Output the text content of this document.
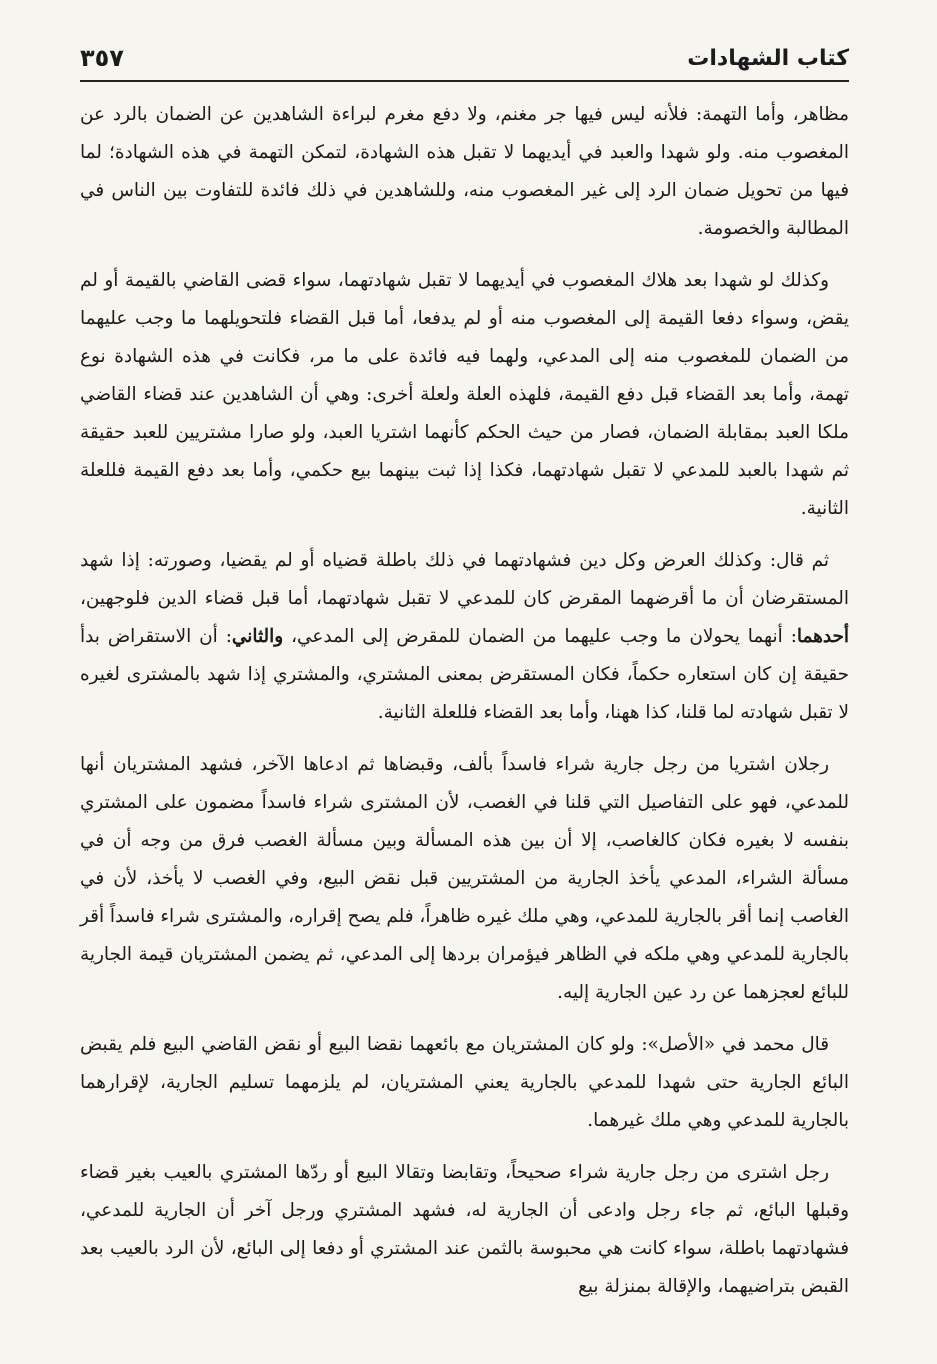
٣٥٧	كتاب الشهادات

مظاهر، وأما التهمة: فلأنه ليس فيها جر مغنم، ولا دفع مغرم لبراءة الشاهدين عن الضمان بالرد عن المغصوب منه. ولو شهدا والعبد في أيديهما لا تقبل هذه الشهادة، لتمكن التهمة في هذه الشهادة؛ لما فيها من تحويل ضمان الرد إلى غير المغصوب منه، وللشاهدين في ذلك فائدة للتفاوت بين الناس في المطالبة والخصومة.

وكذلك لو شهدا بعد هلاك المغصوب في أيديهما لا تقبل شهادتهما، سواء قضى القاضي بالقيمة أو لم يقض، وسواء دفعا القيمة إلى المغصوب منه أو لم يدفعا، أما قبل القضاء فلتحويلهما ما وجب عليهما من الضمان للمغصوب منه إلى المدعي، ولهما فيه فائدة على ما مر، فكانت في هذه الشهادة نوع تهمة، وأما بعد القضاء قبل دفع القيمة، فلهذه العلة ولعلة أخرى: وهي أن الشاهدين عند قضاء القاضي ملكا العبد بمقابلة الضمان، فصار من حيث الحكم كأنهما اشتريا العبد، ولو صارا مشتريين للعبد حقيقة ثم شهدا بالعبد للمدعي لا تقبل شهادتهما، فكذا إذا ثبت بينهما بيع حكمي، وأما بعد دفع القيمة فللعلة الثانية.

ثم قال: وكذلك العرض وكل دين فشهادتهما في ذلك باطلة قضياه أو لم يقضيا، وصورته: إذا شهد المستقرضان أن ما أقرضهما المقرض كان للمدعي لا تقبل شهادتهما، أما قبل قضاء الدين فلوجهين، أحدهما: أنهما يحولان ما وجب عليهما من الضمان للمقرض إلى المدعي، والثاني: أن الاستقراض بدأ حقيقة إن كان استعاره حكماً، فكان المستقرض بمعنى المشتري، والمشتري إذا شهد بالمشترى لغيره لا تقبل شهادته لما قلنا، كذا ههنا، وأما بعد القضاء فللعلة الثانية.

رجلان اشتريا من رجل جارية شراء فاسداً بألف، وقبضاها ثم ادعاها الآخر، فشهد المشتريان أنها للمدعي، فهو على التفاصيل التي قلنا في الغصب، لأن المشترى شراء فاسداً مضمون على المشتري بنفسه لا بغيره فكان كالغاصب، إلا أن بين هذه المسألة وبين مسألة الغصب فرق من وجه أن في مسألة الشراء، المدعي يأخذ الجارية من المشتريين قبل نقض البيع، وفي الغصب لا يأخذ، لأن في الغاصب إنما أقر بالجارية للمدعي، وهي ملك غيره ظاهراً، فلم يصح إقراره، والمشترى شراء فاسداً أقر بالجارية للمدعي وهي ملكه في الظاهر فيؤمران بردها إلى المدعي، ثم يضمن المشتريان قيمة الجارية للبائع لعجزهما عن رد عين الجارية إليه.

قال محمد في «الأصل»: ولو كان المشتريان مع بائعهما نقضا البيع أو نقض القاضي البيع فلم يقبض البائع الجارية حتى شهدا للمدعي بالجارية يعني المشتريان، لم يلزمهما تسليم الجارية، لإقرارهما بالجارية للمدعي وهي ملك غيرهما.

رجل اشترى من رجل جارية شراء صحيحاً، وتقابضا وتقالا البيع أو ردّها المشتري بالعيب بغير قضاء وقبلها البائع، ثم جاء رجل وادعى أن الجارية له، فشهد المشتري ورجل آخر أن الجارية للمدعي، فشهادتهما باطلة، سواء كانت هي محبوسة بالثمن عند المشتري أو دفعا إلى البائع، لأن الرد بالعيب بعد القبض بتراضيهما، والإقالة بمنزلة بيع
